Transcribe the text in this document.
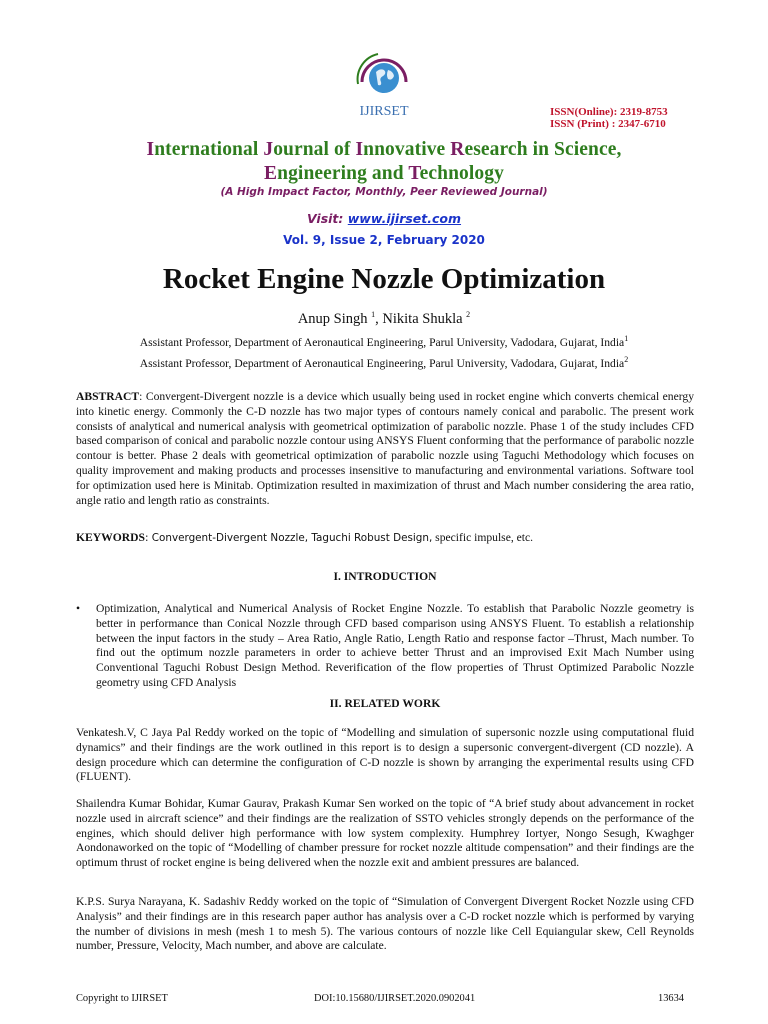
IJIRSET	ISSN(Online): 2319-8753
ISSN (Print) : 2347-6710
International Journal of Innovative Research in Science,
Engineering and Technology
(A High Impact Factor, Monthly, Peer Reviewed Journal)
Visit: www.ijirset.com
Vol. 9, Issue 2, February 2020
Rocket Engine Nozzle Optimization
Anup Singh $^1$, Nikita Shukla $^2$
Assistant Professor, Department of Aeronautical Engineering, Parul University, Vadodara, Gujarat, India$^1$
Assistant Professor, Department of Aeronautical Engineering, Parul University, Vadodara, Gujarat, India$^2$
ABSTRACT: Convergent-Divergent nozzle is a device which usually being used in rocket engine which converts chemical energy into kinetic energy. Commonly the C-D nozzle has two major types of contours namely conical and parabolic. The present work consists of analytical and numerical analysis with geometrical optimization of parabolic nozzle. Phase 1 of the study includes CFD based comparison of conical and parabolic nozzle contour using ANSYS Fluent conforming that the performance of parabolic nozzle contour is better. Phase 2 deals with geometrical optimization of parabolic nozzle using Taguchi Methodology which focuses on quality improvement and making products and processes insensitive to manufacturing and environmental variations. Software tool for optimization used here is Minitab. Optimization resulted in maximization of thrust and Mach number considering the area ratio, angle ratio and length ratio as constraints.
KEYWORDS: Convergent-Divergent Nozzle, Taguchi Robust Design, specific impulse, etc.
I. INTRODUCTION
• Optimization, Analytical and Numerical Analysis of Rocket Engine Nozzle. To establish that Parabolic Nozzle geometry is better in performance than Conical Nozzle through CFD based comparison using ANSYS Fluent. To establish a relationship between the input factors in the study – Area Ratio, Angle Ratio, Length Ratio and response factor –Thrust, Mach number. To find out the optimum nozzle parameters in order to achieve better Thrust and an improvised Exit Mach Number using Conventional Taguchi Robust Design Method. Reverification of the flow properties of Thrust Optimized Parabolic Nozzle geometry using CFD Analysis
II. RELATED WORK
Venkatesh.V, C Jaya Pal Reddy worked on the topic of “Modelling and simulation of supersonic nozzle using computational fluid dynamics” and their findings are the work outlined in this report is to design a supersonic convergent-divergent (CD nozzle). A design procedure which can determine the configuration of C-D nozzle is shown by arranging the experimental results using CFD (FLUENT).
Shailendra Kumar Bohidar, Kumar Gaurav, Prakash Kumar Sen worked on the topic of “A brief study about advancement in rocket nozzle used in aircraft science” and their findings are the realization of SSTO vehicles strongly depends on the performance of the engines, which should deliver high performance with low system complexity. Humphrey Iortyer, Nongo Sesugh, Kwaghger Aondonaworked on the topic of “Modelling of chamber pressure for rocket nozzle altitude compensation” and their findings are the optimum thrust of rocket engine is being delivered when the nozzle exit and ambient pressures are balanced.
K.P.S. Surya Narayana, K. Sadashiv Reddy worked on the topic of “Simulation of Convergent Divergent Rocket Nozzle using CFD Analysis” and their findings are in this research paper author has analysis over a C-D rocket nozzle which is performed by varying the number of divisions in mesh (mesh 1 to mesh 5). The various contours of nozzle like Cell Equiangular skew, Cell Reynolds number, Pressure, Velocity, Mach number, and above are calculate.
Copyright to IJIRSET	DOI:10.15680/IJIRSET.2020.0902041	13634
